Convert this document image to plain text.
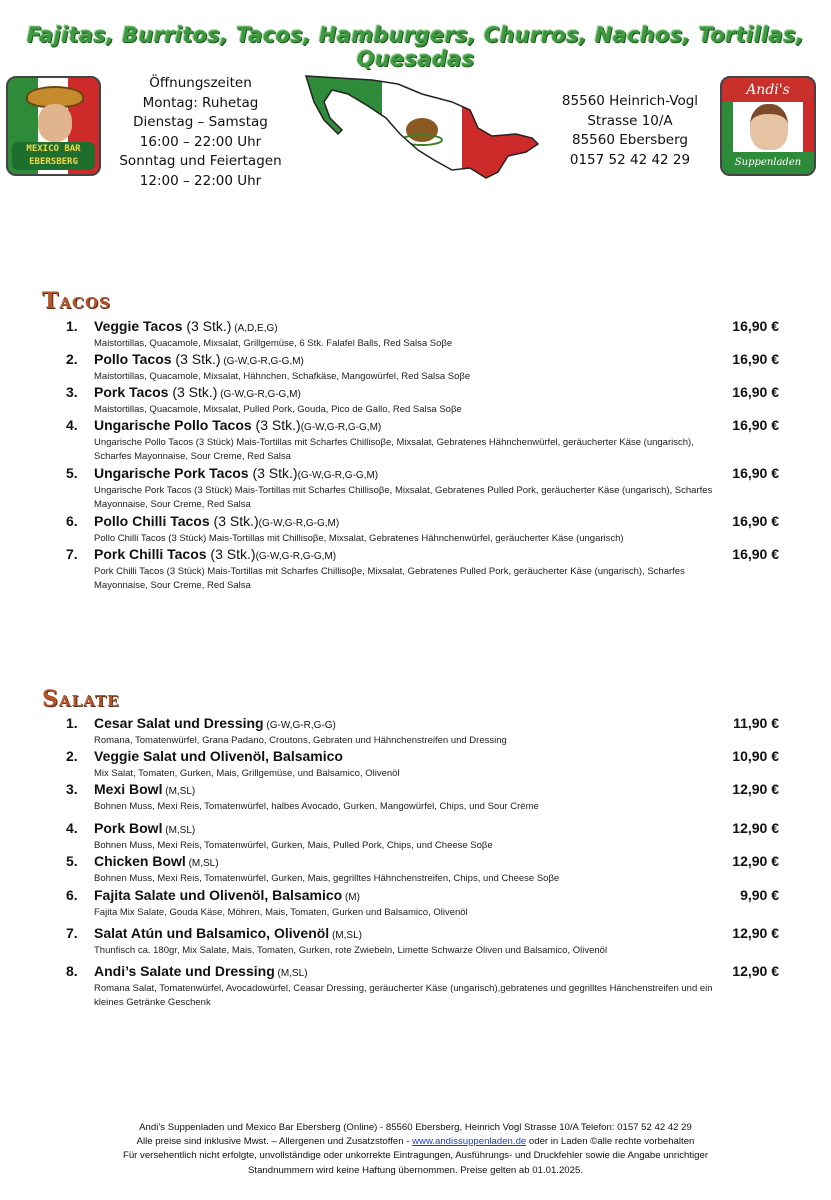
Fajitas, Burritos, Tacos, Hamburgers, Churros, Nachos, Tortillas, Quesadas
MEXICO BAR
EBERSBERG
Öffnungszeiten
Montag: Ruhetag
Dienstag – Samstag
16:00 – 22:00 Uhr
Sonntag und Feiertagen
12:00 – 22:00 Uhr
85560 Heinrich-Vogl
Strasse 10/A
85560 Ebersberg
0157 52 42 42 29
Andi's
Suppenladen
Tacos
1.	Veggie Tacos (3 Stk.) (A,D,E,G)	16,90 €
Maistortillas, Quacamole, Mixsalat, Grillgemüse, 6 Stk. Falafel Balls, Red Salsa Soβe
2.	Pollo Tacos (3 Stk.) (G-W,G-R,G-G,M)	16,90 €
Maistortillas, Quacamole, Mixsalat, Hähnchen, Schafkäse, Mangowürfel, Red Salsa Soβe
3.	Pork Tacos (3 Stk.) (G-W,G-R,G-G,M)	16,90 €
Maistortillas, Quacamole, Mixsalat, Pulled Pork, Gouda, Pico de Gallo, Red Salsa Soβe
4.	Ungarische Pollo Tacos (3 Stk.)(G-W,G-R,G-G,M)	16,90 €
Ungarische Pollo Tacos (3 Stück) Mais-Tortillas mit Scharfes Chillisoβe, Mixsalat, Gebratenes Hähnchenwürfel, geräucherter Käse (ungarisch), Scharfes Mayonnaise, Sour Creme, Red Salsa
5.	Ungarische Pork Tacos (3 Stk.)(G-W,G-R,G-G,M)	16,90 €
Ungarische Pork Tacos (3 Stück) Mais-Tortillas mit Scharfes Chillisoβe, Mixsalat, Gebratenes Pulled Pork, geräucherter Käse (ungarisch), Scharfes Mayonnaise, Sour Creme, Red Salsa
6.	Pollo Chilli Tacos (3 Stk.)(G-W,G-R,G-G,M)	16,90 €
Pollo Chilli Tacos (3 Stück) Mais-Tortillas mit Chillisoβe, Mixsalat, Gebratenes Hähnchenwürfel, geräucherter Käse (ungarisch)
7.	Pork Chilli Tacos (3 Stk.)(G-W,G-R,G-G,M)	16,90 €
Pork Chilli Tacos (3 Stück) Mais-Tortillas mit Scharfes Chillisoβe, Mixsalat, Gebratenes Pulled Pork, geräucherter Käse (ungarisch), Scharfes Mayonnaise, Sour Creme, Red Salsa
Salate
1.	Cesar Salat und Dressing (G-W,G-R,G-G)	11,90 €
Romana, Tomatenwürfel, Grana Padano, Croutons, Gebraten und Hähnchenstreifen und Dressing
2.	Veggie Salat und Olivenöl, Balsamico	10,90 €
Mix Salat, Tomaten, Gurken, Mais, Grillgemüse, und Balsamico, Olivenöl
3.	Mexi Bowl (M,SL)	12,90 €
Bohnen Muss, Mexi Reis, Tomatenwürfel, halbes Avocado, Gurken, Mangowürfel, Chips, und Sour Crème
4.	Pork Bowl (M,SL)	12,90 €
Bohnen Muss, Mexi Reis, Tomatenwürfel, Gurken, Mais, Pulled Pork, Chips, und Cheese Soβe
5.	Chicken Bowl (M,SL)	12,90 €
Bohnen Muss, Mexi Reis, Tomatenwürfel, Gurken, Mais, gegrilltes Hähnchenstreifen, Chips, und Cheese Soβe
6.	Fajita Salate und Olivenöl, Balsamico (M)	9,90 €
Fajita Mix Salate, Gouda Käse, Möhren, Mais, Tomaten, Gurken und Balsamico, Olivenöl
7.	Salat Atún und Balsamico, Olivenöl (M,SL)	12,90 €
Thunfisch ca. 180gr, Mix Salate, Mais, Tomaten, Gurken, rote Zwiebeln, Limette Schwarze Oliven und Balsamico, Olivenöl
8.	Andi’s Salate und Dressing (M,SL)	12,90 €
Romana Salat, Tomatenwürfel, Avocadowürfel, Ceasar Dressing, geräucherter Käse (ungarisch),gebratenes und gegrilltes Hänchenstreifen und ein kleines Getränke Geschenk
Andi’s Suppenladen und Mexico Bar Ebersberg (Online) - 85560 Ebersberg, Heinrich Vogl Strasse 10/A Telefon: 0157 52 42 42 29
Alle preise sind inklusive Mwst. – Allergenen und Zusatzstoffen - www.andissuppenladen.de oder in Laden ©alle rechte vorbehalten
Für versehentlich nicht erfolgte, unvollständige oder unkorrekte Eintragungen, Ausführungs- und Druckfehler sowie die Angabe unrichtiger
Standnummern wird keine Haftung übernommen. Preise gelten ab 01.01.2025.
